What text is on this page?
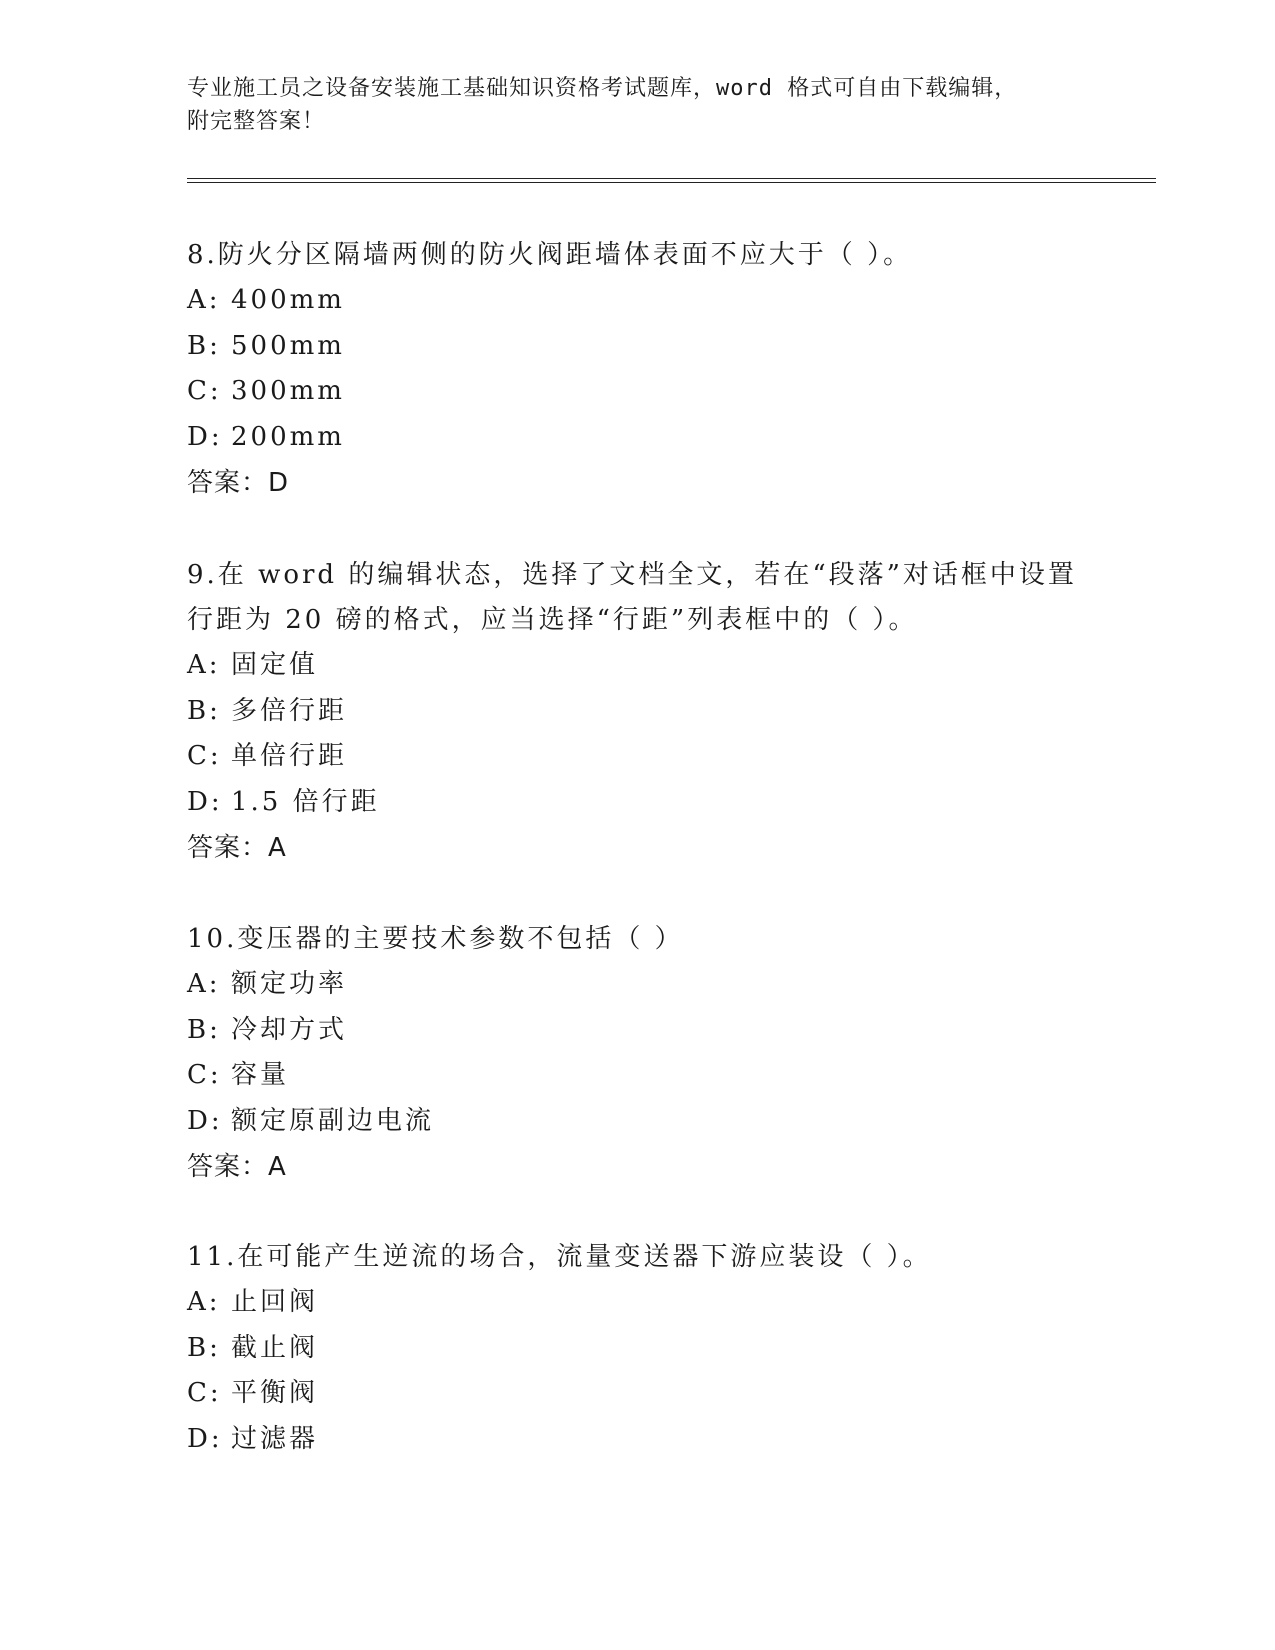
专业施工员之设备安装施工基础知识资格考试题库，word 格式可自由下载编辑，
附完整答案！

8.防火分区隔墙两侧的防火阀距墙体表面不应大于（ ）。

A: 400mm

B: 500mm

C: 300mm

D: 200mm

答案：D

9.在 word 的编辑状态，选择了文档全文，若在“段落”对话框中设置

行距为 20 磅的格式，应当选择“行距”列表框中的（ ）。

A: 固定值

B: 多倍行距

C: 单倍行距

D: 1.5 倍行距

答案：A

10.变压器的主要技术参数不包括（ ）

A: 额定功率

B: 冷却方式

C: 容量

D: 额定原副边电流

答案：A

11.在可能产生逆流的场合，流量变送器下游应装设（ ）。

A: 止回阀

B: 截止阀

C: 平衡阀

D: 过滤器
